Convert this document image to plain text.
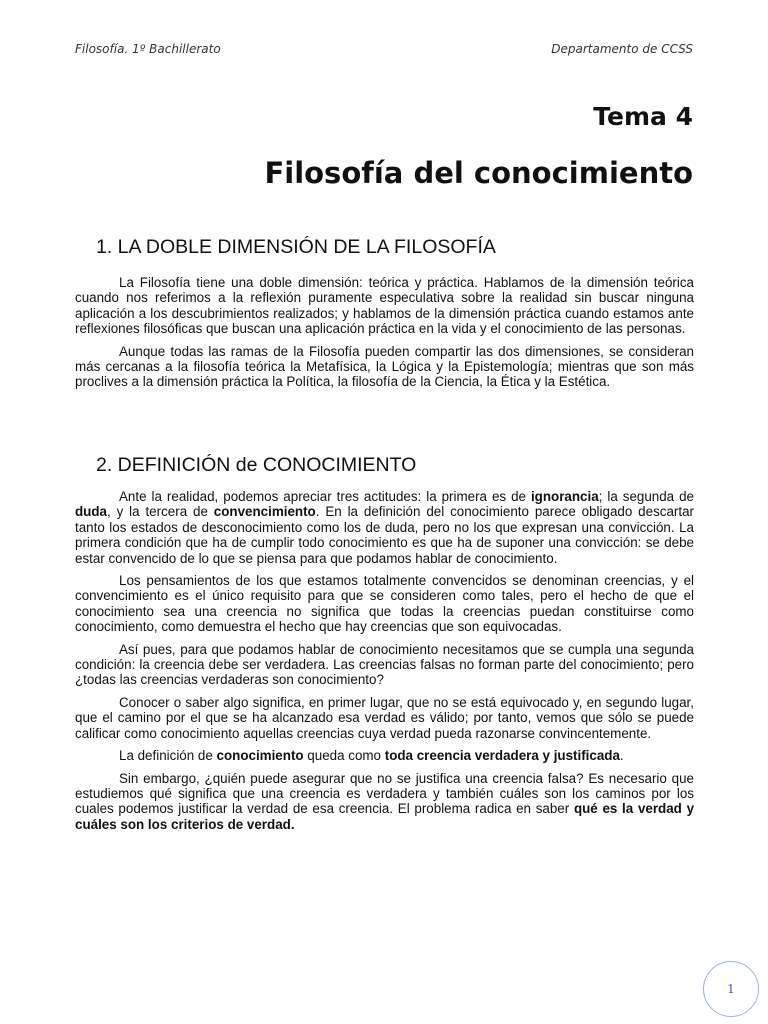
Filosofía. 1º Bachillerato	Departamento de CCSS
Tema 4
Filosofía del conocimiento
1. LA DOBLE DIMENSIÓN DE LA FILOSOFÍA

La Filosofía tiene una doble dimensión: teórica y práctica. Hablamos de la dimensión teórica cuando nos referimos a la reflexión puramente especulativa sobre la realidad sin buscar ninguna aplicación a los descubrimientos realizados; y hablamos de la dimensión práctica cuando estamos ante reflexiones filosóficas que buscan una aplicación práctica en la vida y el conocimiento de las personas.

Aunque todas las ramas de la Filosofía pueden compartir las dos dimensiones, se consideran más cercanas a la filosofía teórica la Metafísica, la Lógica y la Epistemología; mientras que son más proclives a la dimensión práctica la Política, la filosofía de la Ciencia, la Ética y la Estética.

2. DEFINICIÓN de CONOCIMIENTO

Ante la realidad, podemos apreciar tres actitudes: la primera es de ignorancia; la segunda de duda, y la tercera de convencimiento. En la definición del conocimiento parece obligado descartar tanto los estados de desconocimiento como los de duda, pero no los que expresan una convicción. La primera condición que ha de cumplir todo conocimiento es que ha de suponer una convicción: se debe estar convencido de lo que se piensa para que podamos hablar de conocimiento.

Los pensamientos de los que estamos totalmente convencidos se denominan creencias, y el convencimiento es el único requisito para que se consideren como tales, pero el hecho de que el conocimiento sea una creencia no significa que todas la creencias puedan constituirse como conocimiento, como demuestra el hecho que hay creencias que son equivocadas.

Así pues, para que podamos hablar de conocimiento necesitamos que se cumpla una segunda condición: la creencia debe ser verdadera. Las creencias falsas no forman parte del conocimiento; pero ¿todas las creencias verdaderas son conocimiento?

Conocer o saber algo significa, en primer lugar, que no se está equivocado y, en segundo lugar, que el camino por el que se ha alcanzado esa verdad es válido; por tanto, vemos que sólo se puede calificar como conocimiento aquellas creencias cuya verdad pueda razonarse convincentemente.

La definición de conocimiento queda como toda creencia verdadera y justificada.

Sin embargo, ¿quién puede asegurar que no se justifica una creencia falsa? Es necesario que estudiemos qué significa que una creencia es verdadera y también cuáles son los caminos por los cuales podemos justificar la verdad de esa creencia. El problema radica en saber qué es la verdad y cuáles son los criterios de verdad.

1
